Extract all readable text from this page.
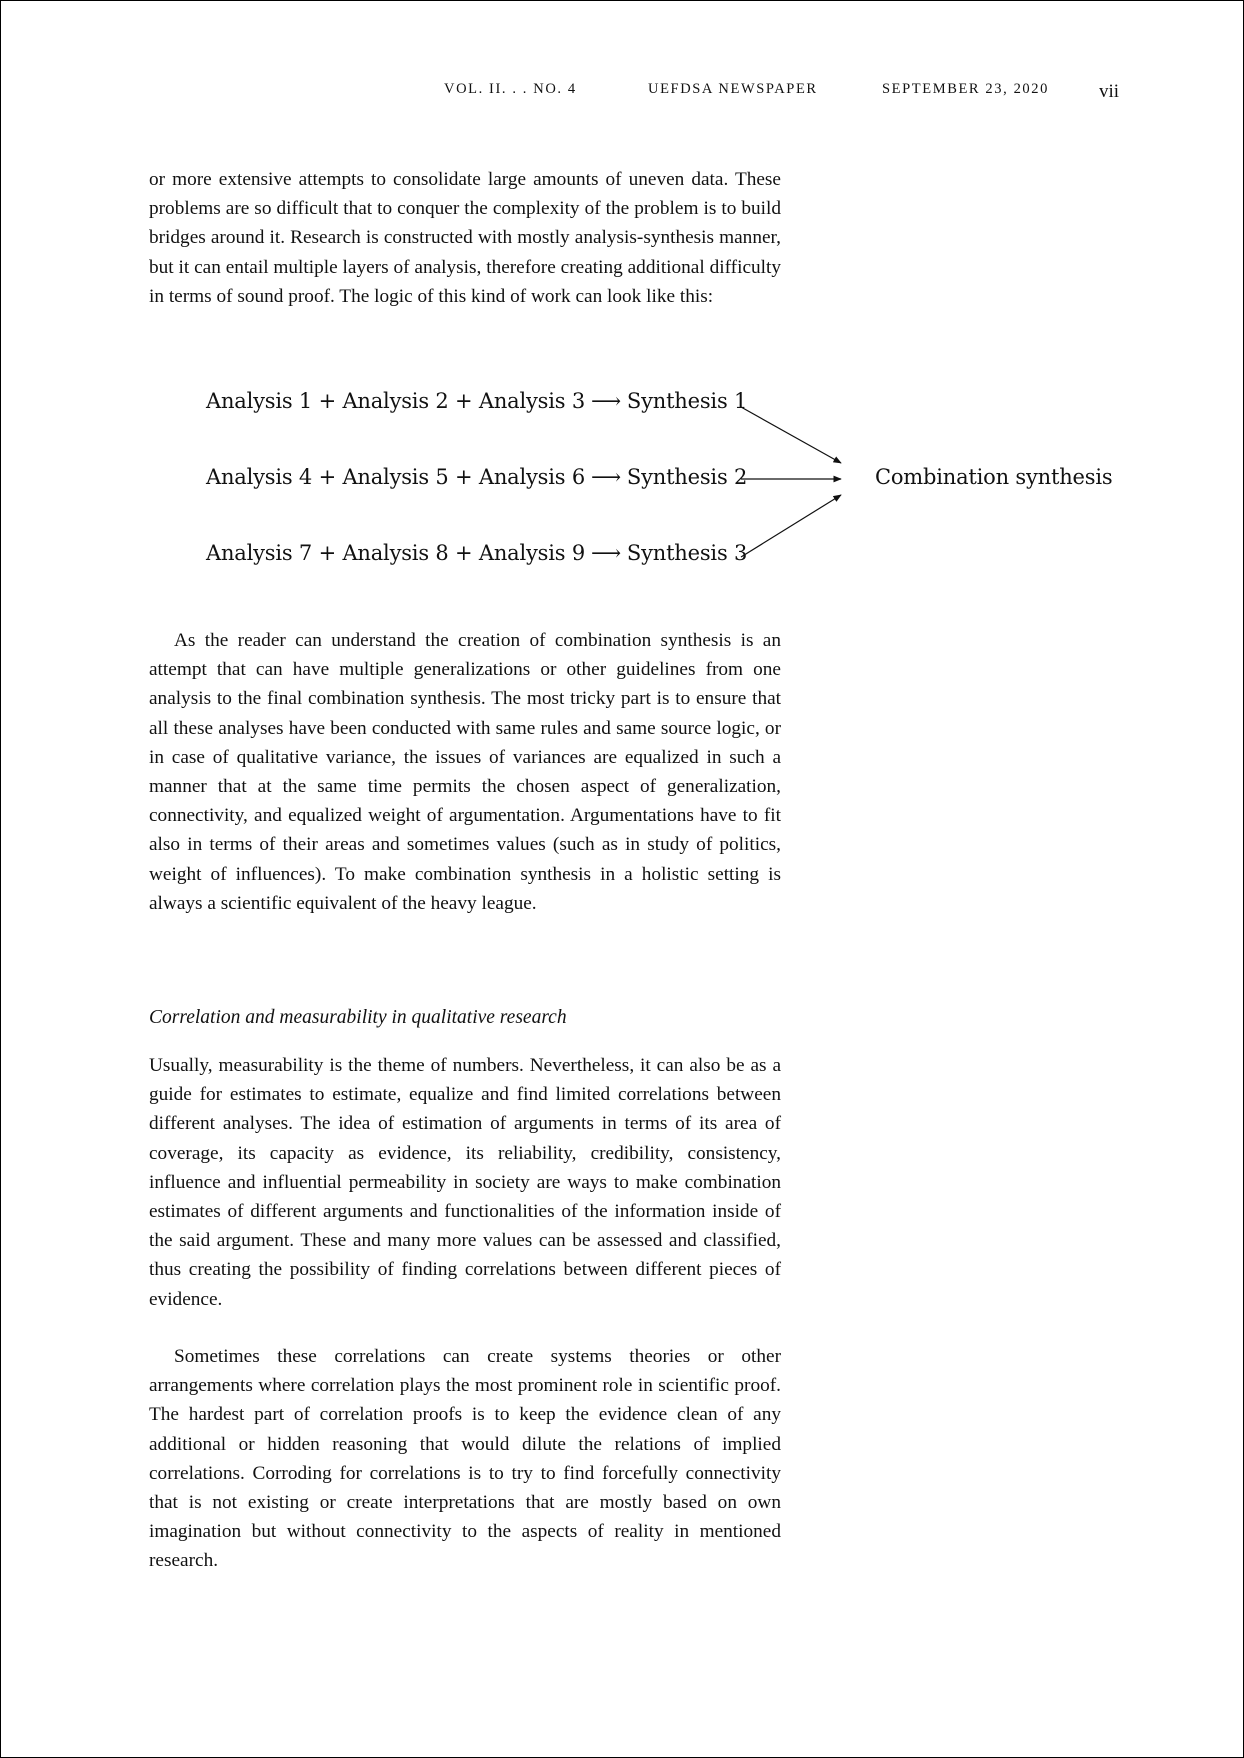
VOL. II. . . NO. 4	UEFDSA NEWSPAPER	SEPTEMBER 23, 2020	vii

or more extensive attempts to consolidate large amounts of uneven data. These problems are so difficult that to conquer the complexity of the problem is to build bridges around it. Research is constructed with mostly analysis-synthesis manner, but it can entail multiple layers of analysis, therefore creating additional difficulty in terms of sound proof. The logic of this kind of work can look like this:

Analysis 1 + Analysis 2 + Analysis 3 ⟶ Synthesis 1
Analysis 4 + Analysis 5 + Analysis 6 ⟶ Synthesis 2
Analysis 7 + Analysis 8 + Analysis 9 ⟶ Synthesis 3
Combination synthesis

As the reader can understand the creation of combination synthesis is an attempt that can have multiple generalizations or other guidelines from one analysis to the final combination synthesis. The most tricky part is to ensure that all these analyses have been conducted with same rules and same source logic, or in case of qualitative variance, the issues of variances are equalized in such a manner that at the same time permits the chosen aspect of generalization, connectivity, and equalized weight of argumentation. Argumentations have to fit also in terms of their areas and sometimes values (such as in study of politics, weight of influences). To make combination synthesis in a holistic setting is always a scientific equivalent of the heavy league.

Correlation and measurability in qualitative research

Usually, measurability is the theme of numbers. Nevertheless, it can also be as a guide for estimates to estimate, equalize and find limited correlations between different analyses. The idea of estimation of arguments in terms of its area of coverage, its capacity as evidence, its reliability, credibility, consistency, influence and influential permeability in society are ways to make combination estimates of different arguments and functionalities of the information inside of the said argument. These and many more values can be assessed and classified, thus creating the possibility of finding correlations between different pieces of evidence.

Sometimes these correlations can create systems theories or other arrangements where correlation plays the most prominent role in scientific proof. The hardest part of correlation proofs is to keep the evidence clean of any additional or hidden reasoning that would dilute the relations of implied correlations. Corroding for correlations is to try to find forcefully connectivity that is not existing or create interpretations that are mostly based on own imagination but without connectivity to the aspects of reality in mentioned research.
